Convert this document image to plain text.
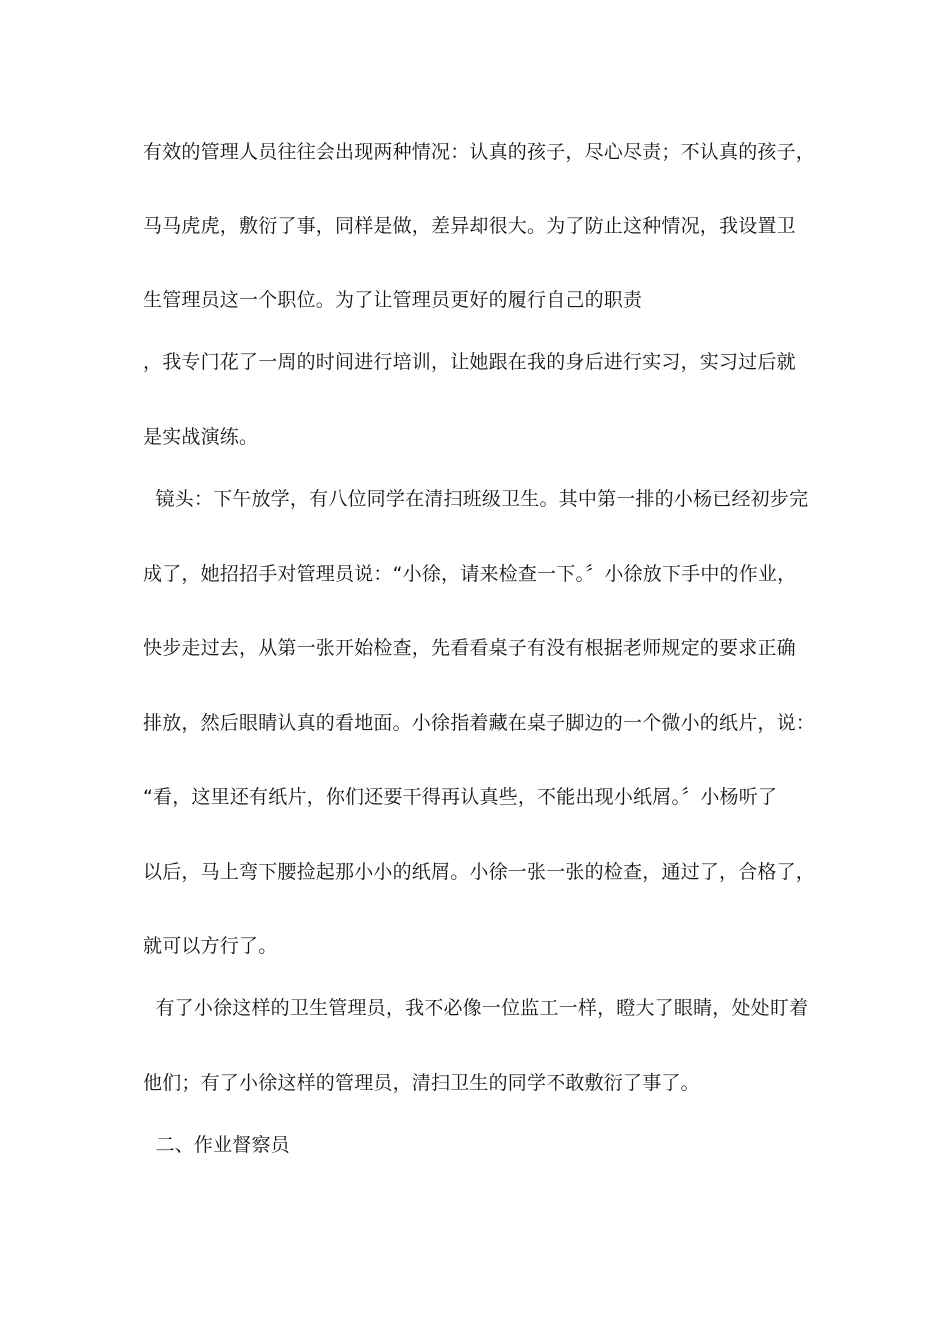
有效的管理人员往往会出现两种情况：认真的孩子，尽心尽责；不认真的孩子，
马马虎虎，敷衍了事，同样是做，差异却很大。为了防止这种情况，我设置卫
生管理员这一个职位。为了让管理员更好的履行自己的职责
，我专门花了一周的时间进行培训，让她跟在我的身后进行实习，实习过后就
是实战演练。
镜头：下午放学，有八位同学在清扫班级卫生。其中第一排的小杨已经初步完
成了，她招招手对管理员说：“小徐，请来检查一下。〞小徐放下手中的作业，
快步走过去，从第一张开始检查，先看看桌子有没有根据老师规定的要求正确
排放，然后眼睛认真的看地面。小徐指着藏在桌子脚边的一个微小的纸片，说：
“看，这里还有纸片，你们还要干得再认真些，不能出现小纸屑。〞小杨听了
以后，马上弯下腰捡起那小小的纸屑。小徐一张一张的检查，通过了，合格了，
就可以方行了。
有了小徐这样的卫生管理员，我不必像一位监工一样，瞪大了眼睛，处处盯着
他们；有了小徐这样的管理员，清扫卫生的同学不敢敷衍了事了。
二、作业督察员
